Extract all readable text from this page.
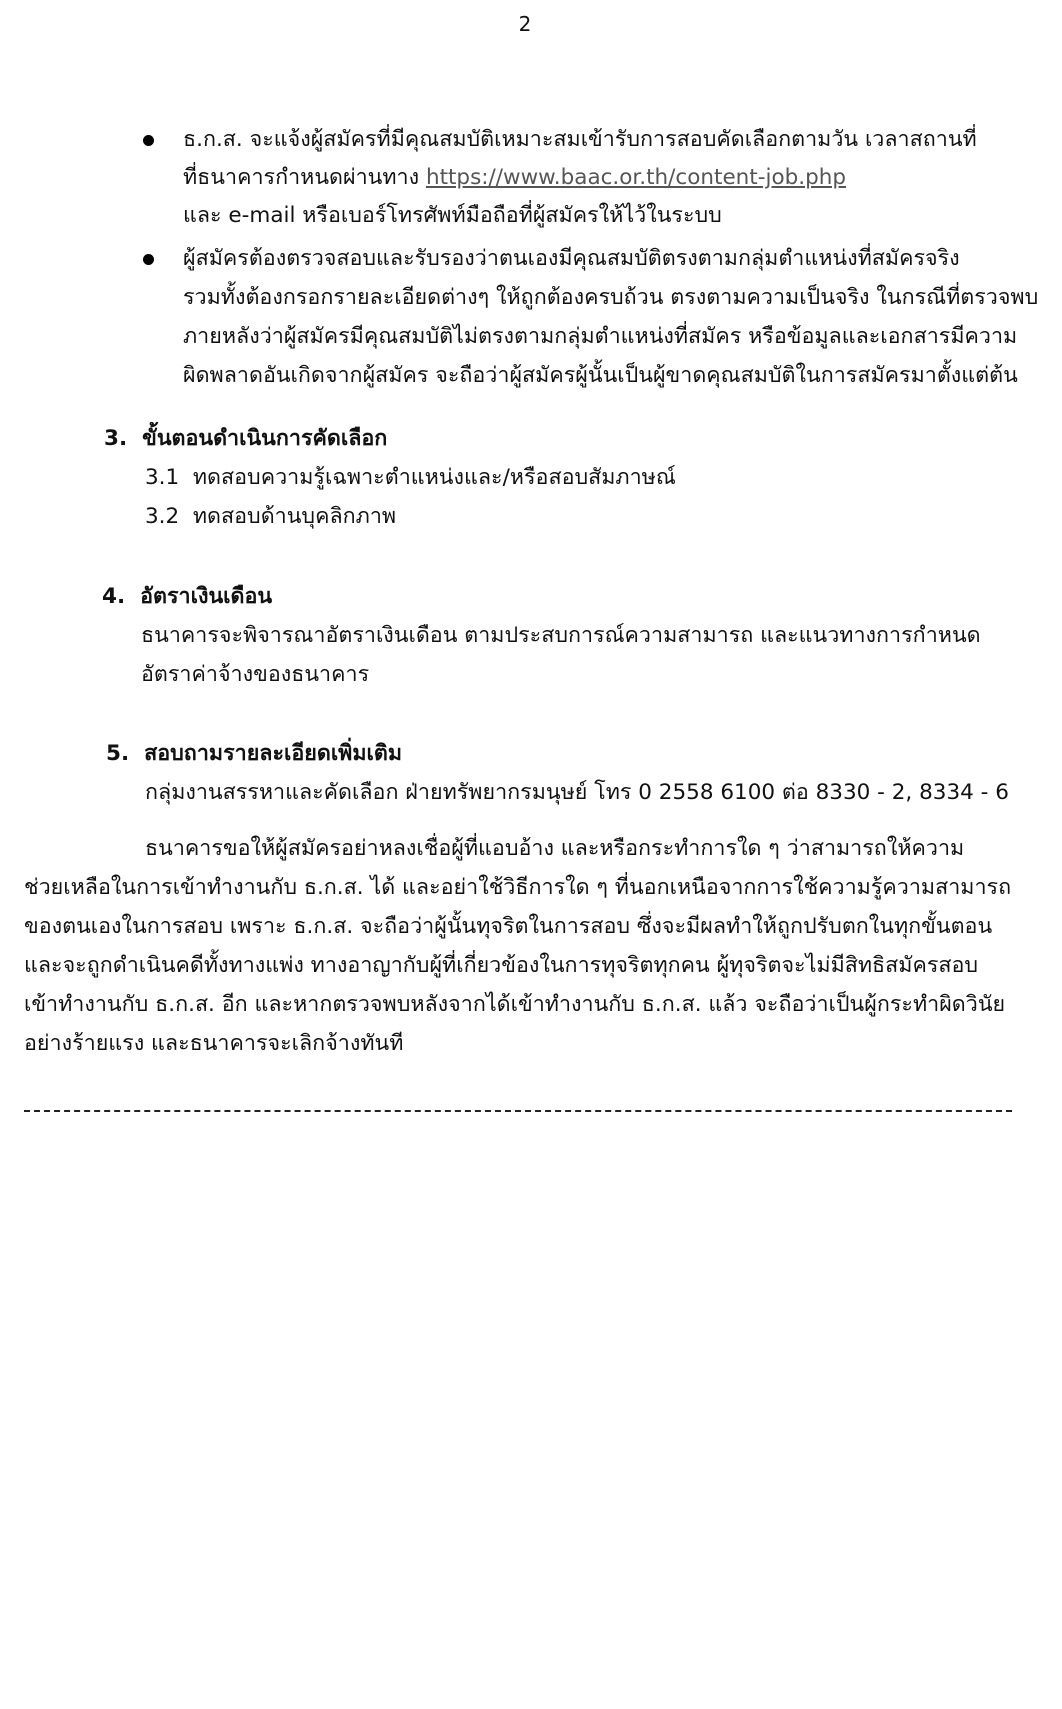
2
ธ.ก.ส. จะแจ้งผู้สมัครที่มีคุณสมบัติเหมาะสมเข้ารับการสอบคัดเลือกตามวัน เวลาสถานที่
ที่ธนาคารกำหนดผ่านทาง https://www.baac.or.th/content-job.php
และ e-mail หรือเบอร์โทรศัพท์มือถือที่ผู้สมัครให้ไว้ในระบบ
ผู้สมัครต้องตรวจสอบและรับรองว่าตนเองมีคุณสมบัติตรงตามกลุ่มตำแหน่งที่สมัครจริง
รวมทั้งต้องกรอกรายละเอียดต่างๆ ให้ถูกต้องครบถ้วน ตรงตามความเป็นจริง ในกรณีที่ตรวจพบ
ภายหลังว่าผู้สมัครมีคุณสมบัติไม่ตรงตามกลุ่มตำแหน่งที่สมัคร หรือข้อมูลและเอกสารมีความ
ผิดพลาดอันเกิดจากผู้สมัคร จะถือว่าผู้สมัครผู้นั้นเป็นผู้ขาดคุณสมบัติในการสมัครมาตั้งแต่ต้น
3. ขั้นตอนดำเนินการคัดเลือก
3.1 ทดสอบความรู้เฉพาะตำแหน่งและ/หรือสอบสัมภาษณ์
3.2 ทดสอบด้านบุคลิกภาพ
4. อัตราเงินเดือน
ธนาคารจะพิจารณาอัตราเงินเดือน ตามประสบการณ์ความสามารถ และแนวทางการกำหนด
อัตราค่าจ้างของธนาคาร
5. สอบถามรายละเอียดเพิ่มเติม
กลุ่มงานสรรหาและคัดเลือก ฝ่ายทรัพยากรมนุษย์ โทร 0 2558 6100 ต่อ 8330 - 2, 8334 - 6
ธนาคารขอให้ผู้สมัครอย่าหลงเชื่อผู้ที่แอบอ้าง และหรือกระทำการใด ๆ ว่าสามารถให้ความ
ช่วยเหลือในการเข้าทำงานกับ ธ.ก.ส. ได้ และอย่าใช้วิธีการใด ๆ ที่นอกเหนือจากการใช้ความรู้ความสามารถ
ของตนเองในการสอบ เพราะ ธ.ก.ส. จะถือว่าผู้นั้นทุจริตในการสอบ ซึ่งจะมีผลทำให้ถูกปรับตกในทุกขั้นตอน
และจะถูกดำเนินคดีทั้งทางแพ่ง ทางอาญากับผู้ที่เกี่ยวข้องในการทุจริตทุกคน ผู้ทุจริตจะไม่มีสิทธิสมัครสอบ
เข้าทำงานกับ ธ.ก.ส. อีก และหากตรวจพบหลังจากได้เข้าทำงานกับ ธ.ก.ส. แล้ว จะถือว่าเป็นผู้กระทำผิดวินัย
อย่างร้ายแรง และธนาคารจะเลิกจ้างทันที
